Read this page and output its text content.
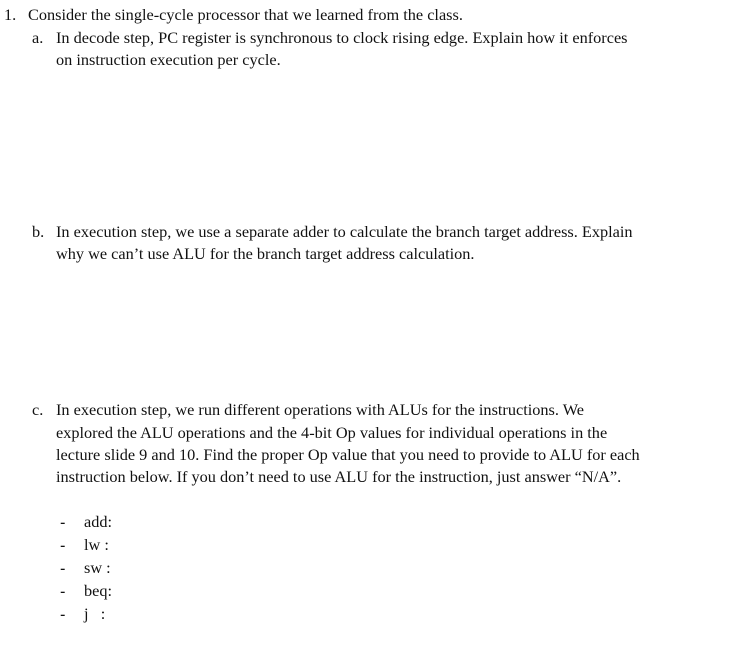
1. Consider the single-cycle processor that we learned from the class.
a. In decode step, PC register is synchronous to clock rising edge. Explain how it enforces
on instruction execution per cycle.
b. In execution step, we use a separate adder to calculate the branch target address. Explain
why we can’t use ALU for the branch target address calculation.
c. In execution step, we run different operations with ALUs for the instructions. We
explored the ALU operations and the 4-bit Op values for individual operations in the
lecture slide 9 and 10. Find the proper Op value that you need to provide to ALU for each
instruction below. If you don’t need to use ALU for the instruction, just answer “N/A”.
- add:
- lw :
- sw :
- beq:
- j   :
